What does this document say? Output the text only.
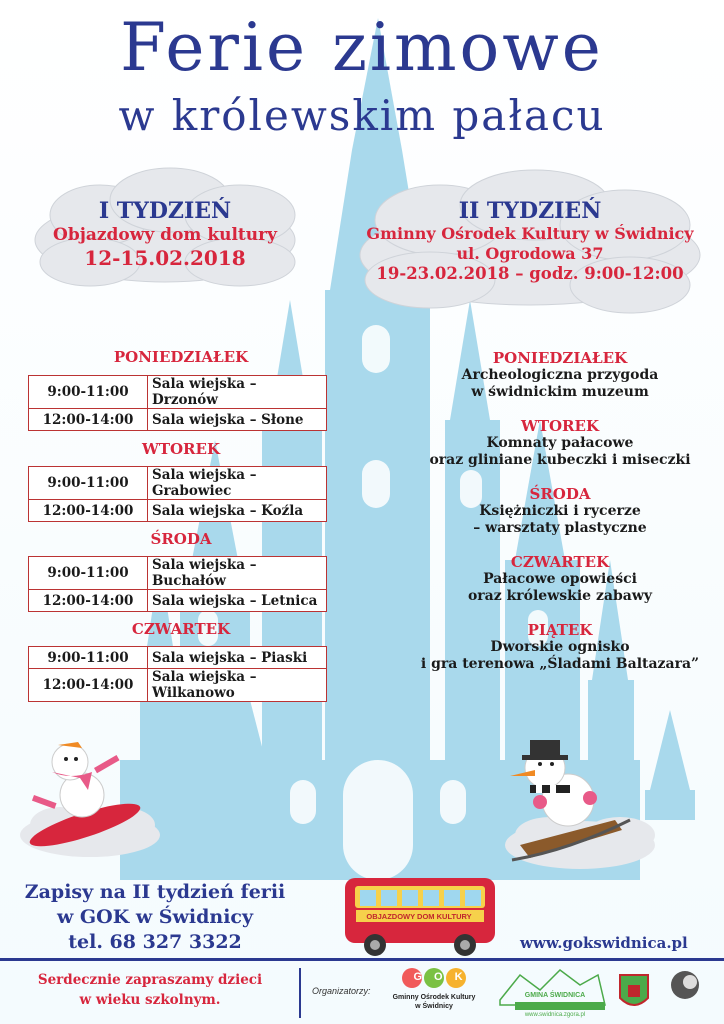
Ferie zimowe
w królewskim pałacu
I TYDZIEŃ
Objazdowy dom kultury
12-15.02.2018
II TYDZIEŃ
Gminny Ośrodek Kultury w Świdnicy
ul. Ogrodowa 37
19-23.02.2018 – godz. 9:00-12:00
PONIEDZIAŁEK
9:00-11:00	Sala wiejska – Drzonów
12:00-14:00	Sala wiejska – Słone
WTOREK
9:00-11:00	Sala wiejska – Grabowiec
12:00-14:00	Sala wiejska – Koźla
ŚRODA
9:00-11:00	Sala wiejska – Buchałów
12:00-14:00	Sala wiejska – Letnica
CZWARTEK
9:00-11:00	Sala wiejska – Piaski
12:00-14:00	Sala wiejska – Wilkanowo
PONIEDZIAŁEK
Archeologiczna przygoda
w świdnickim muzeum
WTOREK
Komnaty pałacowe
oraz gliniane kubeczki i miseczki
ŚRODA
Księżniczki i rycerze
– warsztaty plastyczne
CZWARTEK
Pałacowe opowieści
oraz królewskie zabawy
PIĄTEK
Dworskie ognisko
i gra terenowa „Śladami Baltazara”
Zapisy na II tydzień ferii
w GOK w Świdnicy
tel. 68 327 3322
OBJAZDOWY DOM KULTURY
www.gokswidnica.pl
Serdecznie zapraszamy dzieci
w wieku szkolnym.
Organizatorzy:
GOK
Gminny Ośrodek Kultury
w Świdnicy
GMINA ŚWIDNICA
www.swidnica.zgora.pl
